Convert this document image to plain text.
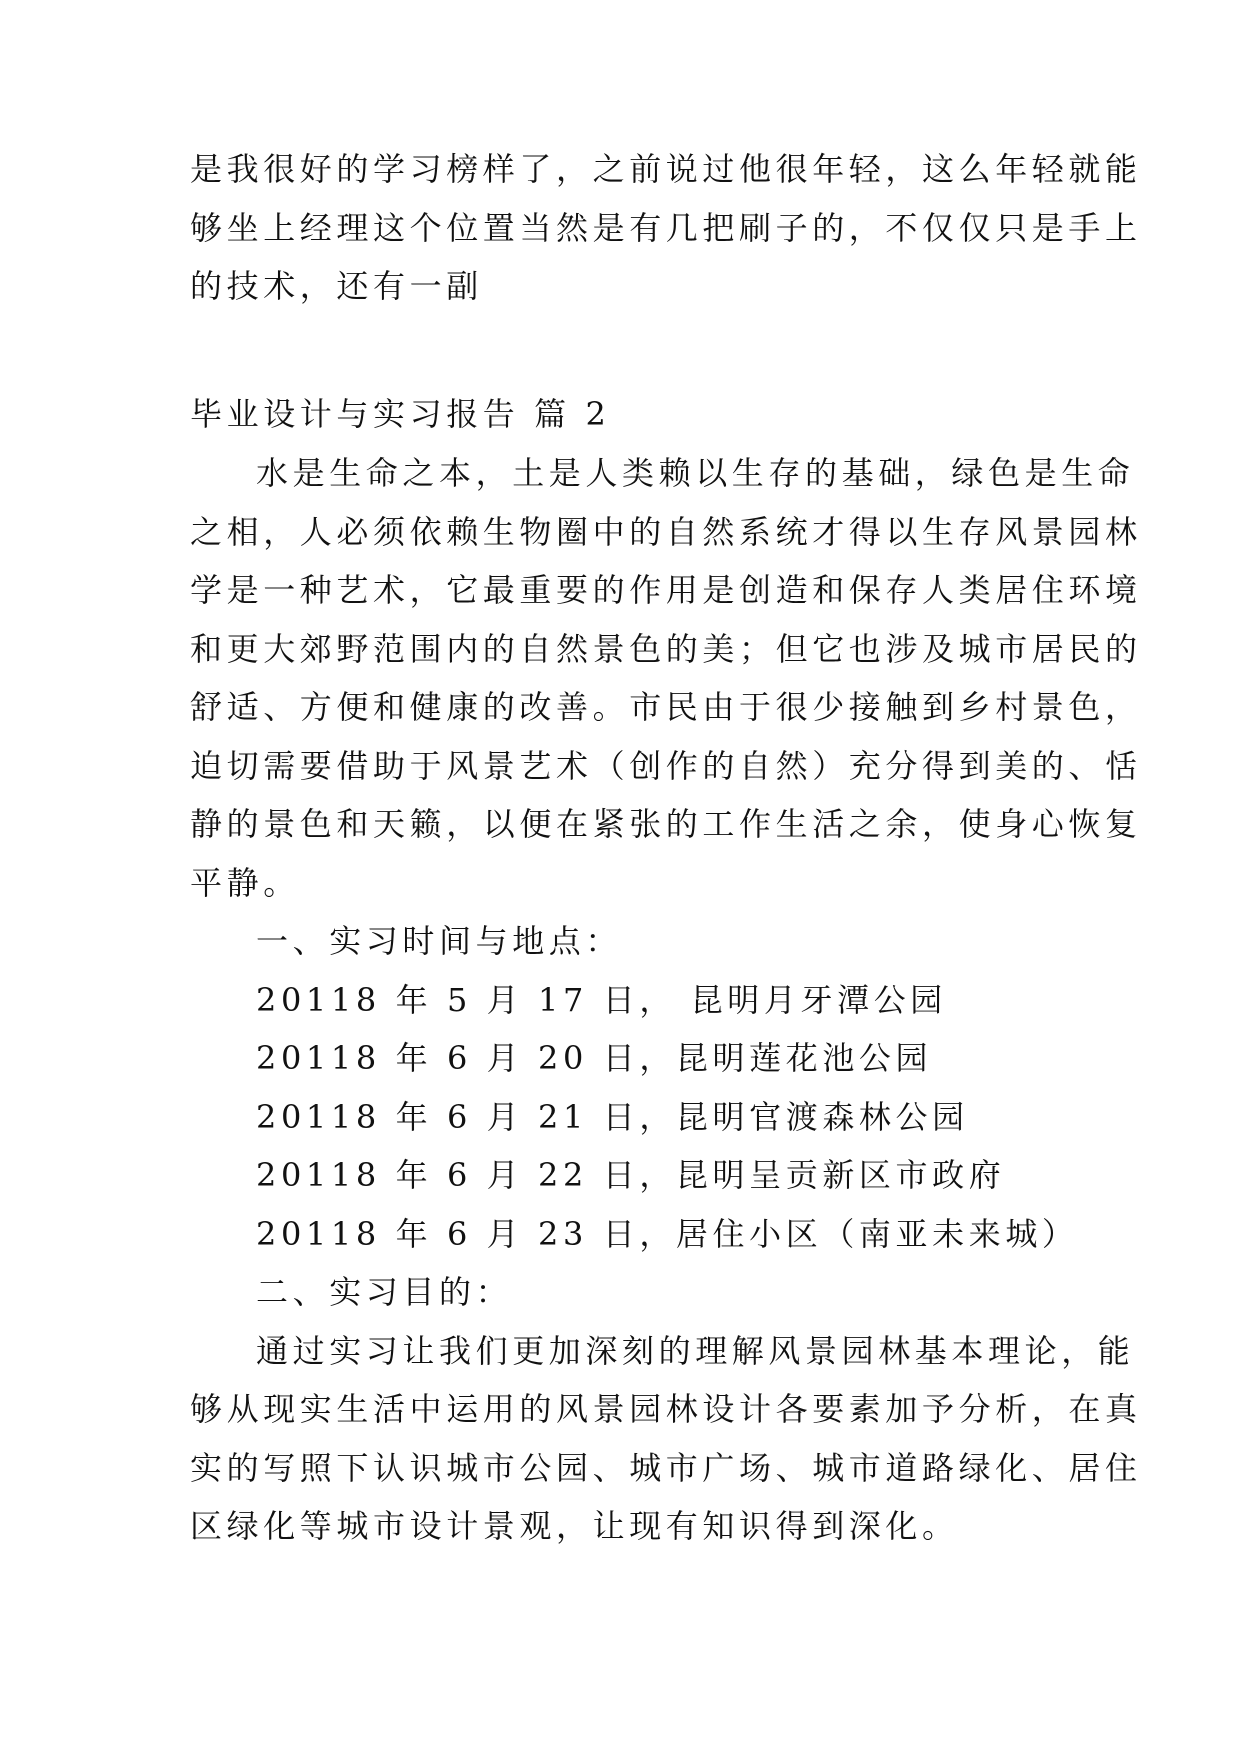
是我很好的学习榜样了，之前说过他很年轻，这么年轻就能
够坐上经理这个位置当然是有几把刷子的，不仅仅只是手上
的技术，还有一副
毕业设计与实习报告 篇 2
水是生命之本，土是人类赖以生存的基础，绿色是生命
之相，人必须依赖生物圈中的自然系统才得以生存风景园林
学是一种艺术，它最重要的作用是创造和保存人类居住环境
和更大郊野范围内的自然景色的美；但它也涉及城市居民的
舒适、方便和健康的改善。市民由于很少接触到乡村景色，
迫切需要借助于风景艺术（创作的自然）充分得到美的、恬
静的景色和天籁，以便在紧张的工作生活之余，使身心恢复
平静。
一、实习时间与地点：
20118 年 5 月 17 日， 昆明月牙潭公园
20118 年 6 月 20 日，昆明莲花池公园
20118 年 6 月 21 日，昆明官渡森林公园
20118 年 6 月 22 日，昆明呈贡新区市政府
20118 年 6 月 23 日，居住小区（南亚未来城）
二、实习目的：
通过实习让我们更加深刻的理解风景园林基本理论，能
够从现实生活中运用的风景园林设计各要素加予分析，在真
实的写照下认识城市公园、城市广场、城市道路绿化、居住
区绿化等城市设计景观，让现有知识得到深化。
